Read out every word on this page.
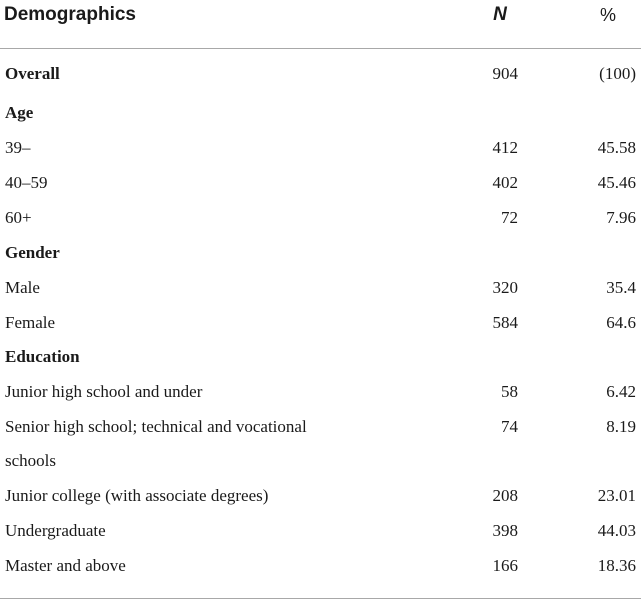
Demographics	N	%
Overall	904	(100)
Age
39–	412	45.58
40–59	402	45.46
60+	72	7.96
Gender
Male	320	35.4
Female	584	64.6
Education
Junior high school and under	58	6.42
Senior high school; technical and vocational	74	8.19
schools
Junior college (with associate degrees)	208	23.01
Undergraduate	398	44.03
Master and above	166	18.36
